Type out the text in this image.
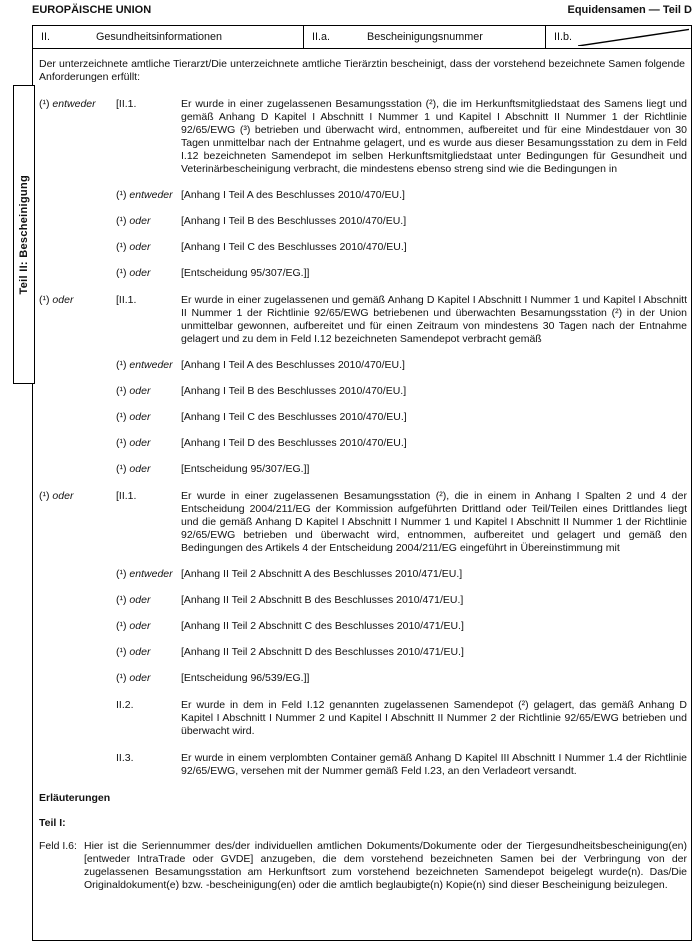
EUROPÄISCHE UNION	Equidensamen — Teil D
Teil II: Bescheinigung
II.	Gesundheitsinformationen	II.a.	Bescheinigungsnummer	II.b.
Der unterzeichnete amtliche Tierarzt/Die unterzeichnete amtliche Tierärztin bescheinigt, dass der vorstehend bezeichnete Samen folgende Anforderungen erfüllt:
(¹) entweder	[II.1.	Er wurde in einer zugelassenen Besamungsstation (²), die im Herkunftsmitgliedstaat des Samens liegt und gemäß Anhang D Kapitel I Abschnitt I Nummer 1 und Kapitel I Abschnitt II Nummer 1 der Richtlinie 92/65/EWG (³) betrieben und überwacht wird, entnommen, aufbereitet und für eine Mindestdauer von 30 Tagen unmittelbar nach der Entnahme gelagert, und es wurde aus dieser Besamungsstation zu dem in Feld I.12 bezeichneten Samendepot im selben Herkunftsmitgliedstaat unter Bedingungen für Gesundheit und Veterinärbescheinigung verbracht, die mindestens ebenso streng sind wie die Bedingungen in
(¹) entweder [Anhang I Teil A des Beschlusses 2010/470/EU.]
(¹) oder	[Anhang I Teil B des Beschlusses 2010/470/EU.]
(¹) oder	[Anhang I Teil C des Beschlusses 2010/470/EU.]
(¹) oder	[Entscheidung 95/307/EG.]]
(¹) oder	[II.1.	Er wurde in einer zugelassenen und gemäß Anhang D Kapitel I Abschnitt I Nummer 1 und Kapitel I Abschnitt II Nummer 1 der Richtlinie 92/65/EWG betriebenen und überwachten Besamungsstation (²) in der Union unmittelbar gewonnen, aufbereitet und für einen Zeitraum von mindestens 30 Tagen nach der Entnahme gelagert und zu dem in Feld I.12 bezeichneten Samendepot verbracht gemäß
(¹) entweder [Anhang I Teil A des Beschlusses 2010/470/EU.]
(¹) oder	[Anhang I Teil B des Beschlusses 2010/470/EU.]
(¹) oder	[Anhang I Teil C des Beschlusses 2010/470/EU.]
(¹) oder	[Anhang I Teil D des Beschlusses 2010/470/EU.]
(¹) oder	[Entscheidung 95/307/EG.]]
(¹) oder	[II.1.	Er wurde in einer zugelassenen Besamungsstation (²), die in einem in Anhang I Spalten 2 und 4 der Entscheidung 2004/211/EG der Kommission aufgeführten Drittland oder Teil/Teilen eines Drittlandes liegt und die gemäß Anhang D Kapitel I Abschnitt I Nummer 1 und Kapitel I Abschnitt II Nummer 1 der Richtlinie 92/65/EWG betrieben und überwacht wird, entnommen, aufbereitet und gelagert und gemäß den Bedingungen des Artikels 4 der Entscheidung 2004/211/EG eingeführt in Übereinstimmung mit
(¹) entweder [Anhang II Teil 2 Abschnitt A des Beschlusses 2010/471/EU.]
(¹) oder	[Anhang II Teil 2 Abschnitt B des Beschlusses 2010/471/EU.]
(¹) oder	[Anhang II Teil 2 Abschnitt C des Beschlusses 2010/471/EU.]
(¹) oder	[Anhang II Teil 2 Abschnitt D des Beschlusses 2010/471/EU.]
(¹) oder	[Entscheidung 96/539/EG.]]
II.2.	Er wurde in dem in Feld I.12 genannten zugelassenen Samendepot (²) gelagert, das gemäß Anhang D Kapitel I Abschnitt I Nummer 2 und Kapitel I Abschnitt II Nummer 2 der Richtlinie 92/65/EWG betrieben und überwacht wird.
II.3.	Er wurde in einem verplombten Container gemäß Anhang D Kapitel III Abschnitt I Nummer 1.4 der Richtlinie 92/65/EWG, versehen mit der Nummer gemäß Feld I.23, an den Verladeort versandt.
Erläuterungen
Teil I:
Feld I.6: Hier ist die Seriennummer des/der individuellen amtlichen Dokuments/Dokumente oder der Tiergesundheitsbescheinigung(en) [entweder IntraTrade oder GVDE] anzugeben, die dem vorstehend bezeichneten Samen bei der Verbringung von der zugelassenen Besamungsstation am Herkunftsort zum vorstehend bezeichneten Samendepot beigelegt wurde(n). Das/Die Originaldokument(e) bzw. -bescheinigung(en) oder die amtlich beglaubigte(n) Kopie(n) sind dieser Bescheinigung beizulegen.
